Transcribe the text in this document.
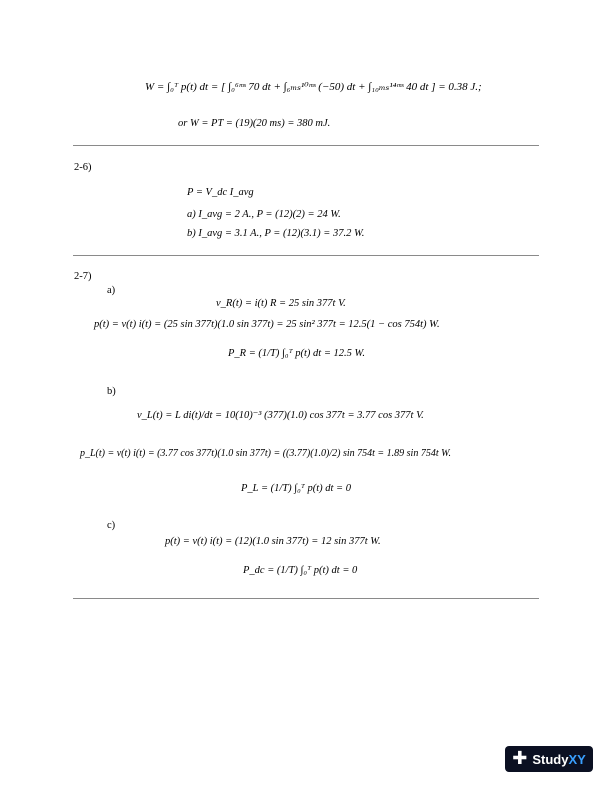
W = ∫₀ᵀ p(t) dt = [ ∫₀⁶ᵐˢ 70 dt + ∫₆ₘₛ¹⁰ᵐˢ (−50) dt + ∫₁₀ₘₛ¹⁴ᵐˢ 40 dt ] = 0.38 J.;
or W = PT = (19)(20 ms) = 380 mJ.
2-6)
P = V_dc I_avg
a) I_avg = 2 A., P = (12)(2) = 24 W.
b) I_avg = 3.1 A., P = (12)(3.1) = 37.2 W.
2-7)
a)
v_R(t) = i(t) R = 25 sin 377t V.
p(t) = v(t) i(t) = (25 sin 377t)(1.0 sin 377t) = 25 sin² 377t = 12.5(1 − cos 754t) W.
P_R = (1/T) ∫₀ᵀ p(t) dt = 12.5 W.
b)
v_L(t) = L di(t)/dt = 10(10)⁻³ (377)(1.0) cos 377t = 3.77 cos 377t V.
p_L(t) = v(t) i(t) = (3.77 cos 377t)(1.0 sin 377t) = ((3.77)(1.0)/2) sin 754t = 1.89 sin 754t W.
P_L = (1/T) ∫₀ᵀ p(t) dt = 0
c)
p(t) = v(t) i(t) = (12)(1.0 sin 377t) = 12 sin 377t W.
P_dc = (1/T) ∫₀ᵀ p(t) dt = 0
✚ StudyXY
